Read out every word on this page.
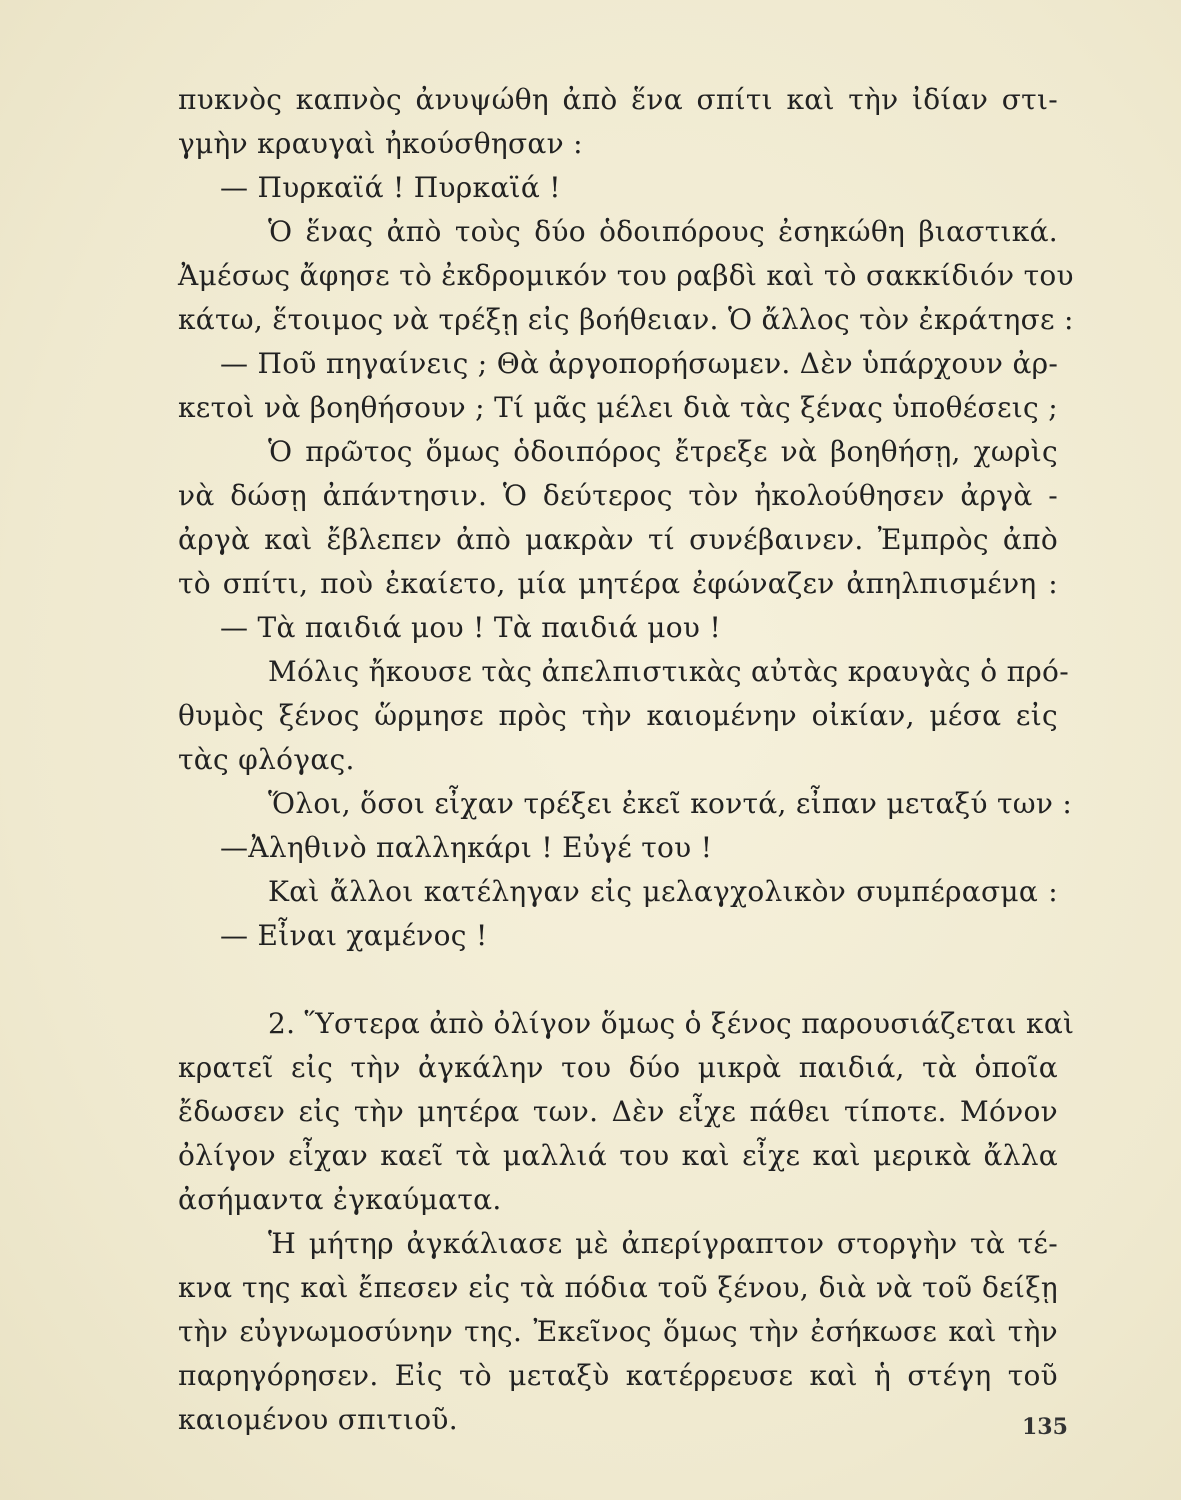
πυκνὸς καπνὸς ἀνυψώθη ἀπὸ ἕνα σπίτι καὶ τὴν ἰδίαν στι-
γμὴν κραυγαὶ ἠκούσθησαν :
— Πυρκαϊά ! Πυρκαϊά !
Ὁ ἕνας ἀπὸ τοὺς δύο ὁδοιπόρους ἐσηκώθη βιαστικά.
Ἀμέσως ἄφησε τὸ ἐκδρομικόν του ραβδὶ καὶ τὸ σακκίδιόν του
κάτω, ἕτοιμος νὰ τρέξῃ εἰς βοήθειαν. Ὁ ἄλλος τὸν ἐκράτησε :
— Ποῦ πηγαίνεις ; Θὰ ἀργοπορήσωμεν. Δὲν ὑπάρχουν ἀρ-
κετοὶ νὰ βοηθήσουν ; Τί μᾶς μέλει διὰ τὰς ξένας ὑποθέσεις ;
Ὁ πρῶτος ὅμως ὁδοιπόρος ἔτρεξε νὰ βοηθήσῃ, χωρὶς
νὰ δώσῃ ἀπάντησιν. Ὁ δεύτερος τὸν ἠκολούθησεν ἀργὰ -
ἀργὰ καὶ ἔβλεπεν ἀπὸ μακρὰν τί συνέβαινεν. Ἐμπρὸς ἀπὸ
τὸ σπίτι, ποὺ ἐκαίετο, μία μητέρα ἐφώναζεν ἀπηλπισμένη :
— Τὰ παιδιά μου ! Τὰ παιδιά μου !
Μόλις ἤκουσε τὰς ἀπελπιστικὰς αὐτὰς κραυγὰς ὁ πρό-
θυμὸς ξένος ὥρμησε πρὸς τὴν καιομένην οἰκίαν, μέσα εἰς
τὰς φλόγας.
Ὅλοι, ὅσοι εἶχαν τρέξει ἐκεῖ κοντά, εἶπαν μεταξύ των :
—Ἀληθινὸ παλληκάρι ! Εὐγέ του !
Καὶ ἄλλοι κατέληγαν εἰς μελαγχολικὸν συμπέρασμα :
— Εἶναι χαμένος !
2. Ὕστερα ἀπὸ ὀλίγον ὅμως ὁ ξένος παρουσιάζεται καὶ
κρατεῖ εἰς τὴν ἀγκάλην του δύο μικρὰ παιδιά, τὰ ὁποῖα
ἔδωσεν εἰς τὴν μητέρα των. Δὲν εἶχε πάθει τίποτε. Μόνον
ὀλίγον εἶχαν καεῖ τὰ μαλλιά του καὶ εἶχε καὶ μερικὰ ἄλλα
ἀσήμαντα ἐγκαύματα.
Ἡ μήτηρ ἀγκάλιασε μὲ ἀπερίγραπτον στοργὴν τὰ τέ-
κνα της καὶ ἔπεσεν εἰς τὰ πόδια τοῦ ξένου, διὰ νὰ τοῦ δείξῃ
τὴν εὐγνωμοσύνην της. Ἐκεῖνος ὅμως τὴν ἐσήκωσε καὶ τὴν
παρηγόρησεν. Εἰς τὸ μεταξὺ κατέρρευσε καὶ ἡ στέγη τοῦ
καιομένου σπιτιοῦ.	135
